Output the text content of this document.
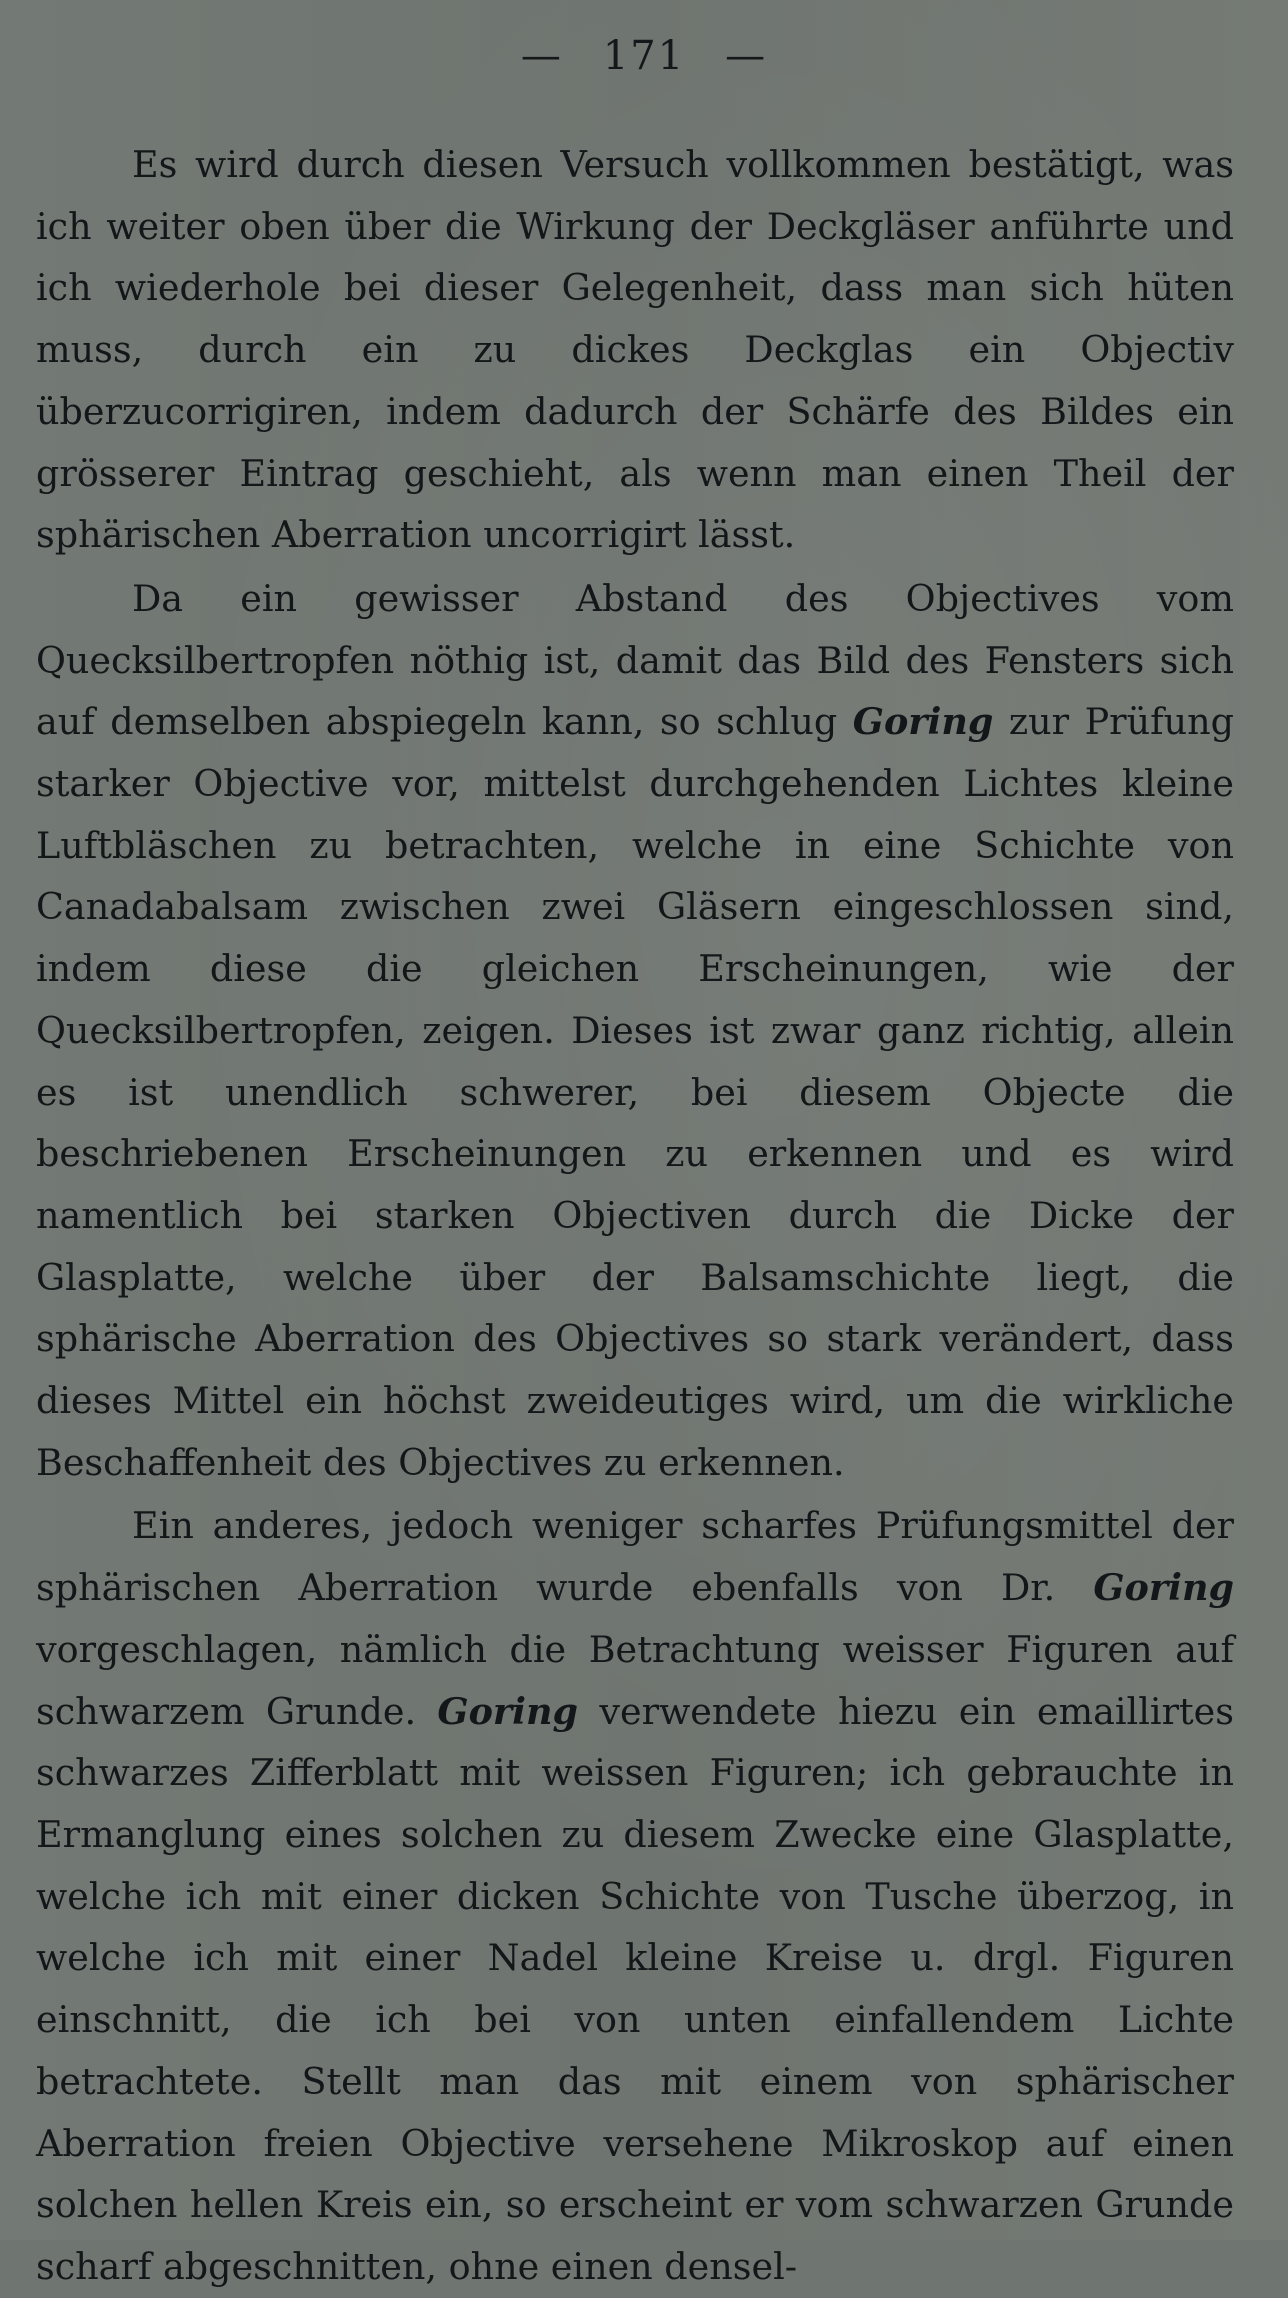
— 171 —

Es wird durch diesen Versuch vollkommen bestätigt, was ich weiter oben über die Wirkung der Deckgläser anführte und ich wiederhole bei dieser Gelegenheit, dass man sich hüten muss, durch ein zu dickes Deckglas ein Objectiv überzucorrigiren, indem dadurch der Schärfe des Bildes ein grösserer Eintrag geschieht, als wenn man einen Theil der sphärischen Aberration uncorrigirt lässt.

Da ein gewisser Abstand des Objectives vom Quecksilbertropfen nöthig ist, damit das Bild des Fensters sich auf demselben abspiegeln kann, so schlug Goring zur Prüfung starker Objective vor, mittelst durchgehenden Lichtes kleine Luftbläschen zu betrachten, welche in eine Schichte von Canadabalsam zwischen zwei Gläsern eingeschlossen sind, indem diese die gleichen Erscheinungen, wie der Quecksilbertropfen, zeigen. Dieses ist zwar ganz richtig, allein es ist unendlich schwerer, bei diesem Objecte die beschriebenen Erscheinungen zu erkennen und es wird namentlich bei starken Objectiven durch die Dicke der Glasplatte, welche über der Balsamschichte liegt, die sphärische Aberration des Objectives so stark verändert, dass dieses Mittel ein höchst zweideutiges wird, um die wirkliche Beschaffenheit des Objectives zu erkennen.

Ein anderes, jedoch weniger scharfes Prüfungsmittel der sphärischen Aberration wurde ebenfalls von Dr. Goring vorgeschlagen, nämlich die Betrachtung weisser Figuren auf schwarzem Grunde. Goring verwendete hiezu ein emaillirtes schwarzes Zifferblatt mit weissen Figuren; ich gebrauchte in Ermanglung eines solchen zu diesem Zwecke eine Glasplatte, welche ich mit einer dicken Schichte von Tusche überzog, in welche ich mit einer Nadel kleine Kreise u. drgl. Figuren einschnitt, die ich bei von unten einfallendem Lichte betrachtete. Stellt man das mit einem von sphärischer Aberration freien Objective versehene Mikroskop auf einen solchen hellen Kreis ein, so erscheint er vom schwarzen Grunde scharf abgeschnitten, ohne einen densel-
